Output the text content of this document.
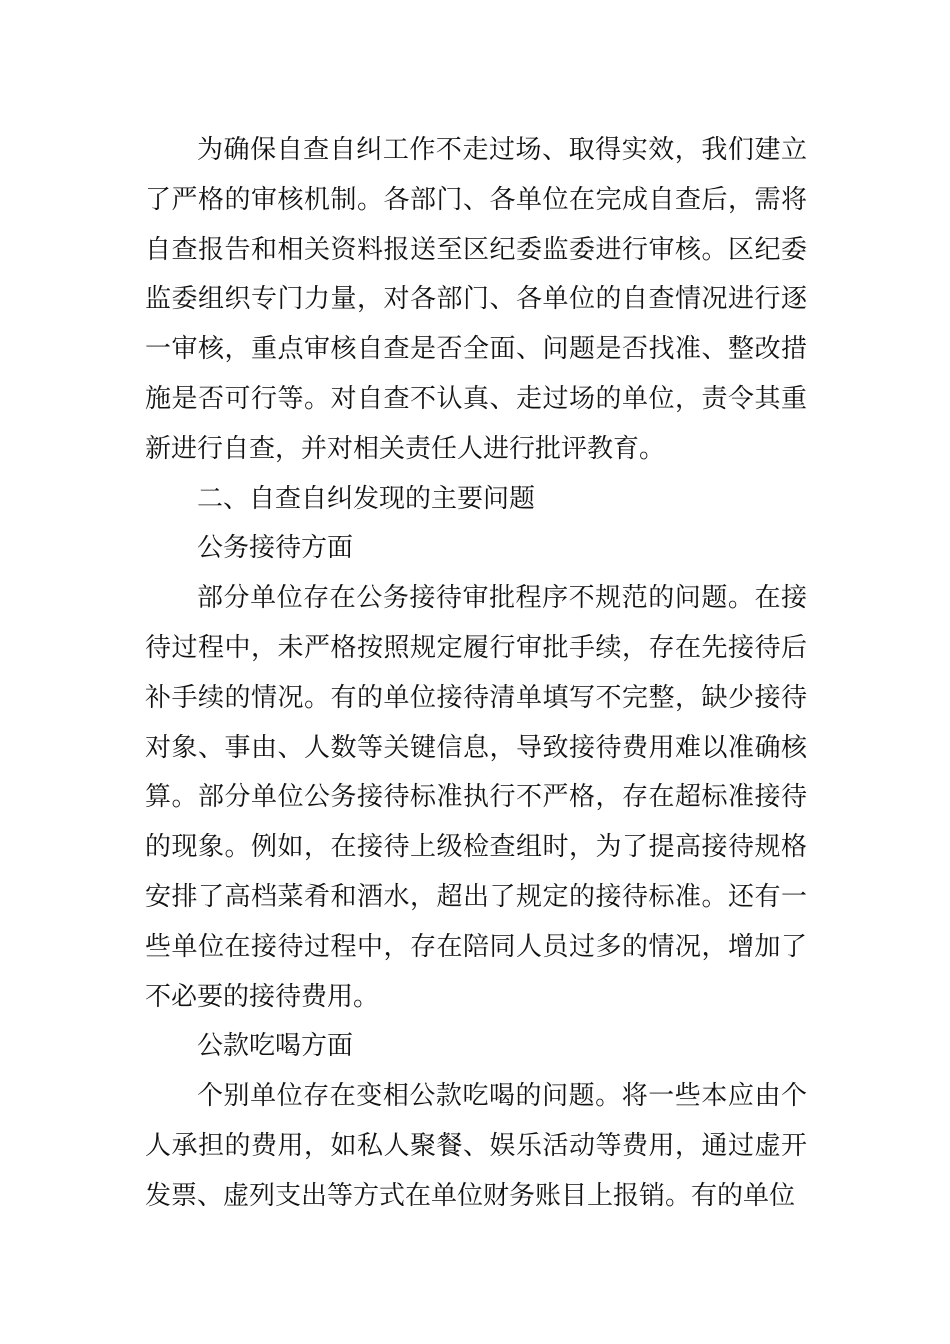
为确保自查自纠工作不走过场、取得实效，我们建立了严格的审核机制。各部门、各单位在完成自查后，需将自查报告和相关资料报送至区纪委监委进行审核。区纪委监委组织专门力量，对各部门、各单位的自查情况进行逐一审核，重点审核自查是否全面、问题是否找准、整改措施是否可行等。对自查不认真、走过场的单位，责令其重新进行自查，并对相关责任人进行批评教育。

二、自查自纠发现的主要问题

公务接待方面

部分单位存在公务接待审批程序不规范的问题。在接待过程中，未严格按照规定履行审批手续，存在先接待后补手续的情况。有的单位接待清单填写不完整，缺少接待对象、事由、人数等关键信息，导致接待费用难以准确核算。部分单位公务接待标准执行不严格，存在超标准接待的现象。例如，在接待上级检查组时，为了提高接待规格安排了高档菜肴和酒水，超出了规定的接待标准。还有一些单位在接待过程中，存在陪同人员过多的情况，增加了不必要的接待费用。

公款吃喝方面

个别单位存在变相公款吃喝的问题。将一些本应由个人承担的费用，如私人聚餐、娱乐活动等费用，通过虚开发票、虚列支出等方式在单位财务账目上报销。有的单位
